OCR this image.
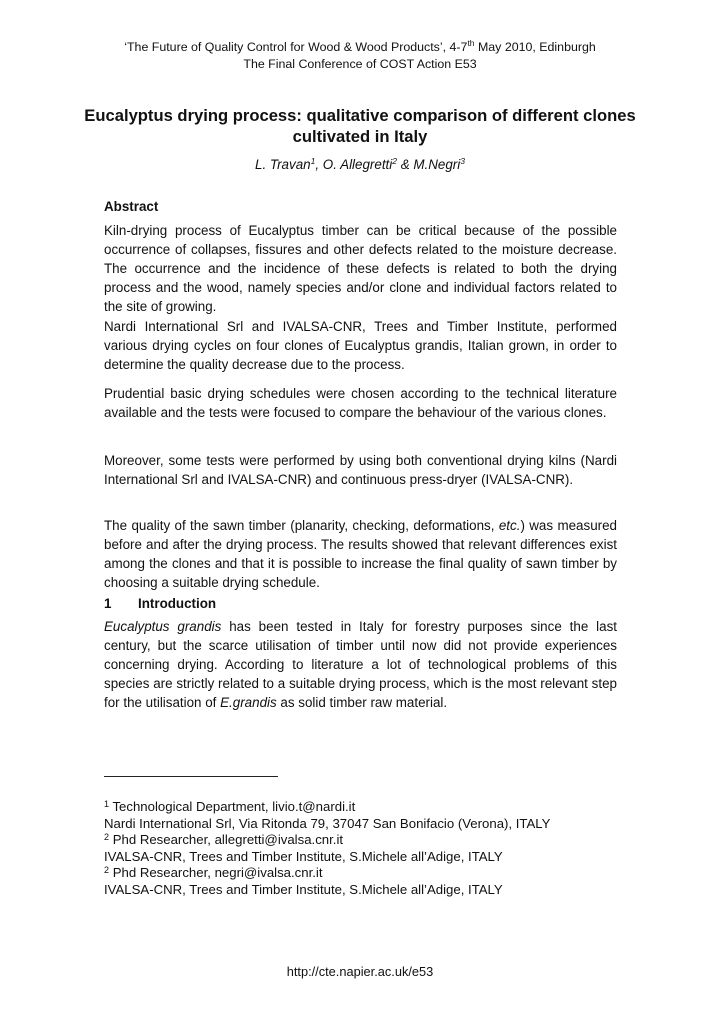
‘The Future of Quality Control for Wood & Wood Products’, 4-7th May 2010, Edinburgh
The Final Conference of COST Action E53
Eucalyptus drying process: qualitative comparison of different clones cultivated in Italy
L. Travan$^1$, O. Allegretti$^2$ & M.Negri$^3$
Abstract
Kiln-drying process of Eucalyptus timber can be critical because of the possible occurrence of collapses, fissures and other defects related to the moisture decrease. The occurrence and the incidence of these defects is related to both the drying process and the wood, namely species and/or clone and individual factors related to the site of growing.
Nardi International Srl and IVALSA-CNR, Trees and Timber Institute, performed various drying cycles on four clones of Eucalyptus grandis, Italian grown, in order to determine the quality decrease due to the process.
Prudential basic drying schedules were chosen according to the technical literature available and the tests were focused to compare the behaviour of the various clones.
Moreover, some tests were performed by using both conventional drying kilns (Nardi International Srl and IVALSA-CNR) and continuous press-dryer (IVALSA-CNR).
The quality of the sawn timber (planarity, checking, deformations, etc.) was measured before and after the drying process. The results showed that relevant differences exist among the clones and that it is possible to increase the final quality of sawn timber by choosing a suitable drying schedule.
1 Introduction
Eucalyptus grandis has been tested in Italy for forestry purposes since the last century, but the scarce utilisation of timber until now did not provide experiences concerning drying. According to literature a lot of technological problems of this species are strictly related to a suitable drying process, which is the most relevant step for the utilisation of E.grandis as solid timber raw material.
$^1$ Technological Department, livio.t@nardi.it
Nardi International Srl, Via Ritonda 79, 37047 San Bonifacio (Verona), ITALY
$^2$ Phd Researcher, allegretti@ivalsa.cnr.it
IVALSA-CNR, Trees and Timber Institute, S.Michele all’Adige, ITALY
$^2$ Phd Researcher, negri@ivalsa.cnr.it
IVALSA-CNR, Trees and Timber Institute, S.Michele all’Adige, ITALY
http://cte.napier.ac.uk/e53
